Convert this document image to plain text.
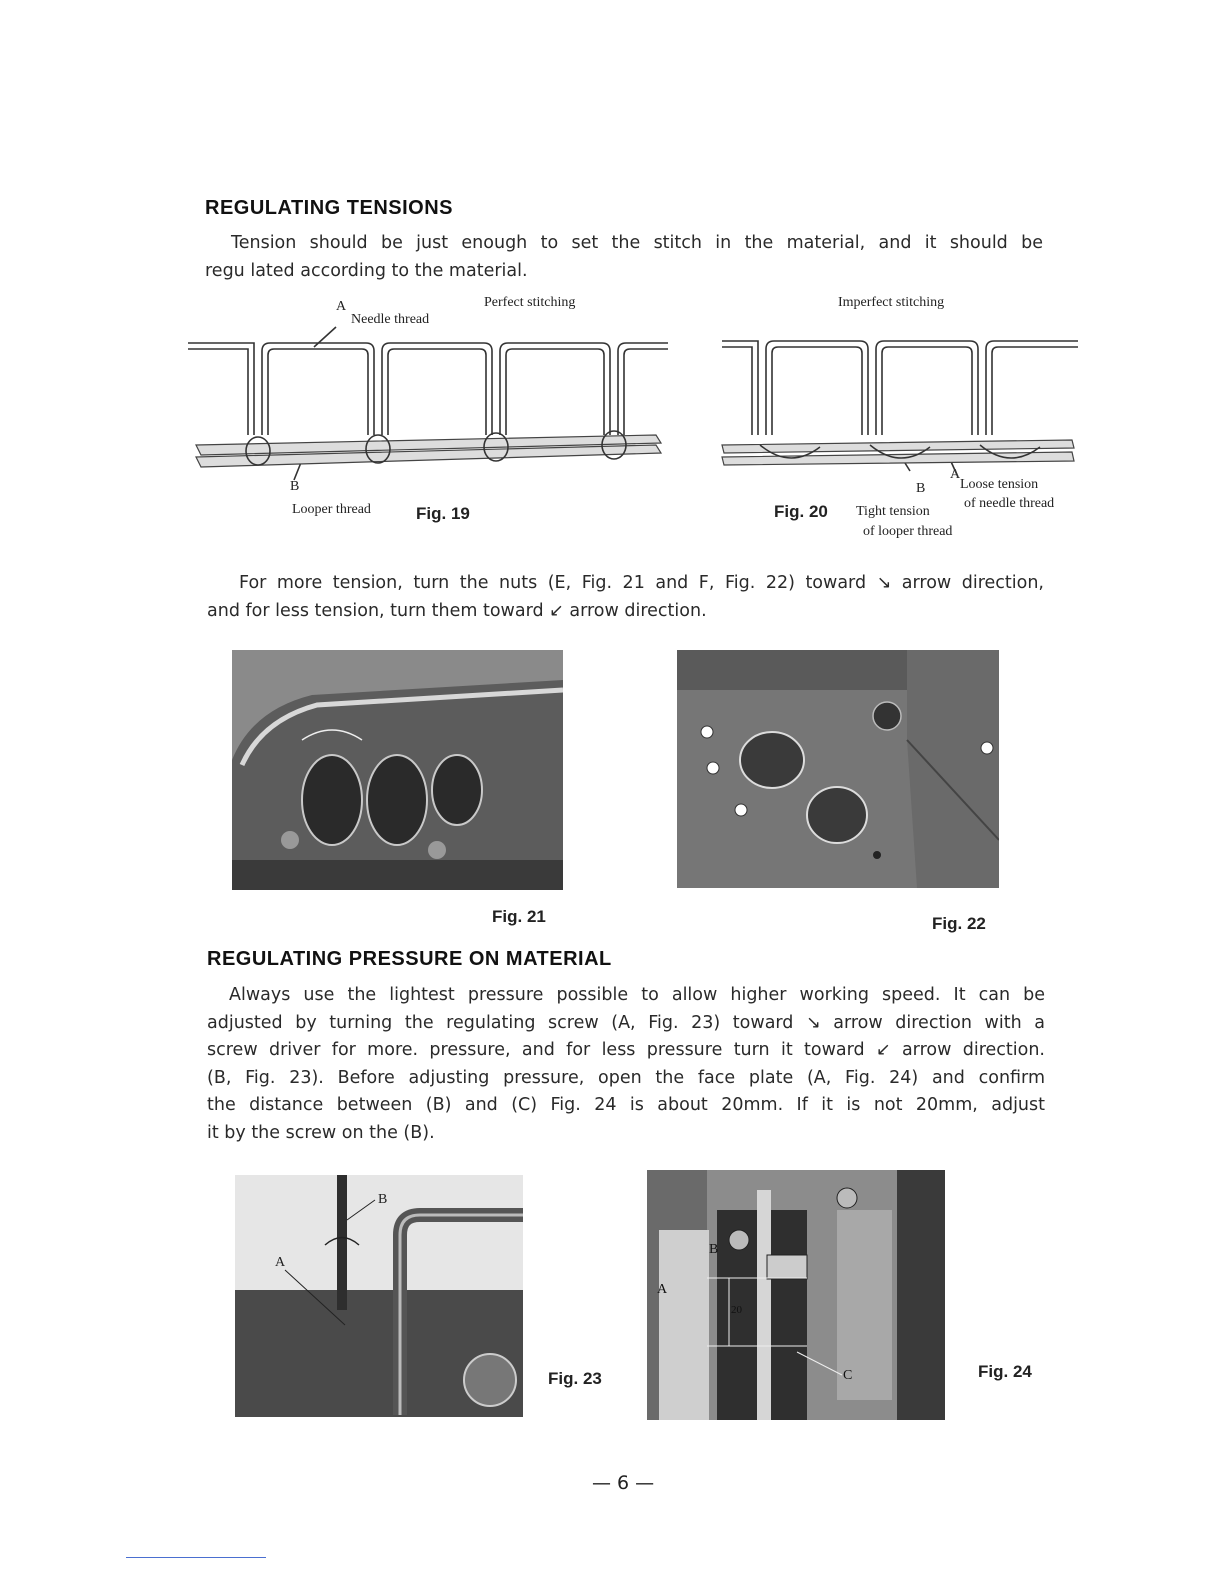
REGULATING TENSIONS
Tension should be just enough to set the stitch in the material, and it should be
regu lated according to the material.
A
Needle thread
Perfect stitching
B
Looper thread	Fig. 19
Imperfect stitching
A
B Loose tension
of needle thread
Fig. 20 Tight tension
of looper thread
For more tension, turn the nuts (E, Fig. 21 and F, Fig. 22) toward ↘ arrow direction,
and for less tension, turn them toward ↙ arrow direction.
Fig. 21	Fig. 22
REGULATING PRESSURE ON MATERIAL
Always use the lightest pressure possible to allow higher working speed. It can be
adjusted by turning the regulating screw (A, Fig. 23) toward ↘ arrow direction with a
screw driver for more. pressure, and for less pressure turn it toward ↙ arrow direction.
(B, Fig. 23). Before adjusting pressure, open the face plate (A, Fig. 24) and confirm
the distance between (B) and (C) Fig. 24 is about 20mm. If it is not 20mm, adjust
it by the screw on the (B).
A
B
Fig. 23
A
B
20
C	Fig. 24
— 6 —
